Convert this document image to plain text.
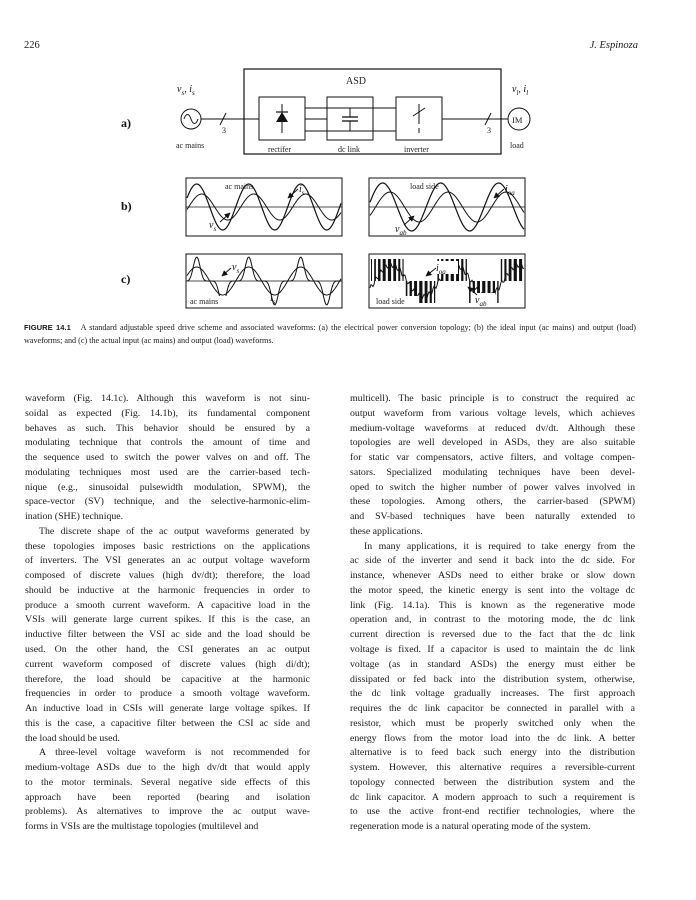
226	J. Espinoza
a)
b)
c)
ASD
vs, is	vl, il
3	3
IM
ac mains	rectifer	dc link	inverter	load
ac mains	is
vs
load side	ioa
vab
ac mains
vs
is	load side
ioa
vab
FIGURE 14.1 A standard adjustable speed drive scheme and associated waveforms: (a) the electrical power conversion topology; (b) the ideal input (ac mains) and output (load) waveforms; and (c) the actual input (ac mains) and output (load) waveforms.
waveform (Fig. 14.1c). Although this waveform is not sinu-
soidal as expected (Fig. 14.1b), its fundamental component
behaves as such. This behavior should be ensured by a
modulating technique that controls the amount of time and
the sequence used to switch the power valves on and off. The
modulating techniques most used are the carrier-based tech-
nique (e.g., sinusoidal pulsewidth modulation, SPWM), the
space-vector (SV) technique, and the selective-harmonic-elim-
ination (SHE) technique.
The discrete shape of the ac output waveforms generated by
these topologies imposes basic restrictions on the applications
of inverters. The VSI generates an ac output voltage waveform
composed of discrete values (high dv/dt); therefore, the load
should be inductive at the harmonic frequencies in order to
produce a smooth current waveform. A capacitive load in the
VSIs will generate large current spikes. If this is the case, an
inductive filter between the VSI ac side and the load should be
used. On the other hand, the CSI generates an ac output
current waveform composed of discrete values (high di/dt);
therefore, the load should be capacitive at the harmonic
frequencies in order to produce a smooth voltage waveform.
An inductive load in CSIs will generate large voltage spikes. If
this is the case, a capacitive filter between the CSI ac side and
the load should be used.
A three-level voltage waveform is not recommended for
medium-voltage ASDs due to the high dv/dt that would apply
to the motor terminals. Several negative side effects of this
approach have been reported (bearing and isolation
problems). As alternatives to improve the ac output wave-
forms in VSIs are the multistage topologies (multilevel and
multicell). The basic principle is to construct the required ac
output waveform from various voltage levels, which achieves
medium-voltage waveforms at reduced dv/dt. Although these
topologies are well developed in ASDs, they are also suitable
for static var compensators, active filters, and voltage compen-
sators. Specialized modulating techniques have been devel-
oped to switch the higher number of power valves involved in
these topologies. Among others, the carrier-based (SPWM)
and SV-based techniques have been naturally extended to
these applications.
In many applications, it is required to take energy from the
ac side of the inverter and send it back into the dc side. For
instance, whenever ASDs need to either brake or slow down
the motor speed, the kinetic energy is sent into the voltage dc
link (Fig. 14.1a). This is known as the regenerative mode
operation and, in contrast to the motoring mode, the dc link
current direction is reversed due to the fact that the dc link
voltage is fixed. If a capacitor is used to maintain the dc link
voltage (as in standard ASDs) the energy must either be
dissipated or fed back into the distribution system, otherwise,
the dc link voltage gradually increases. The first approach
requires the dc link capacitor be connected in parallel with a
resistor, which must be properly switched only when the
energy flows from the motor load into the dc link. A better
alternative is to feed back such energy into the distribution
system. However, this alternative requires a reversible-current
topology connected between the distribution system and the
dc link capacitor. A modern approach to such a requirement is
to use the active front-end rectifier technologies, where the
regeneration mode is a natural operating mode of the system.
